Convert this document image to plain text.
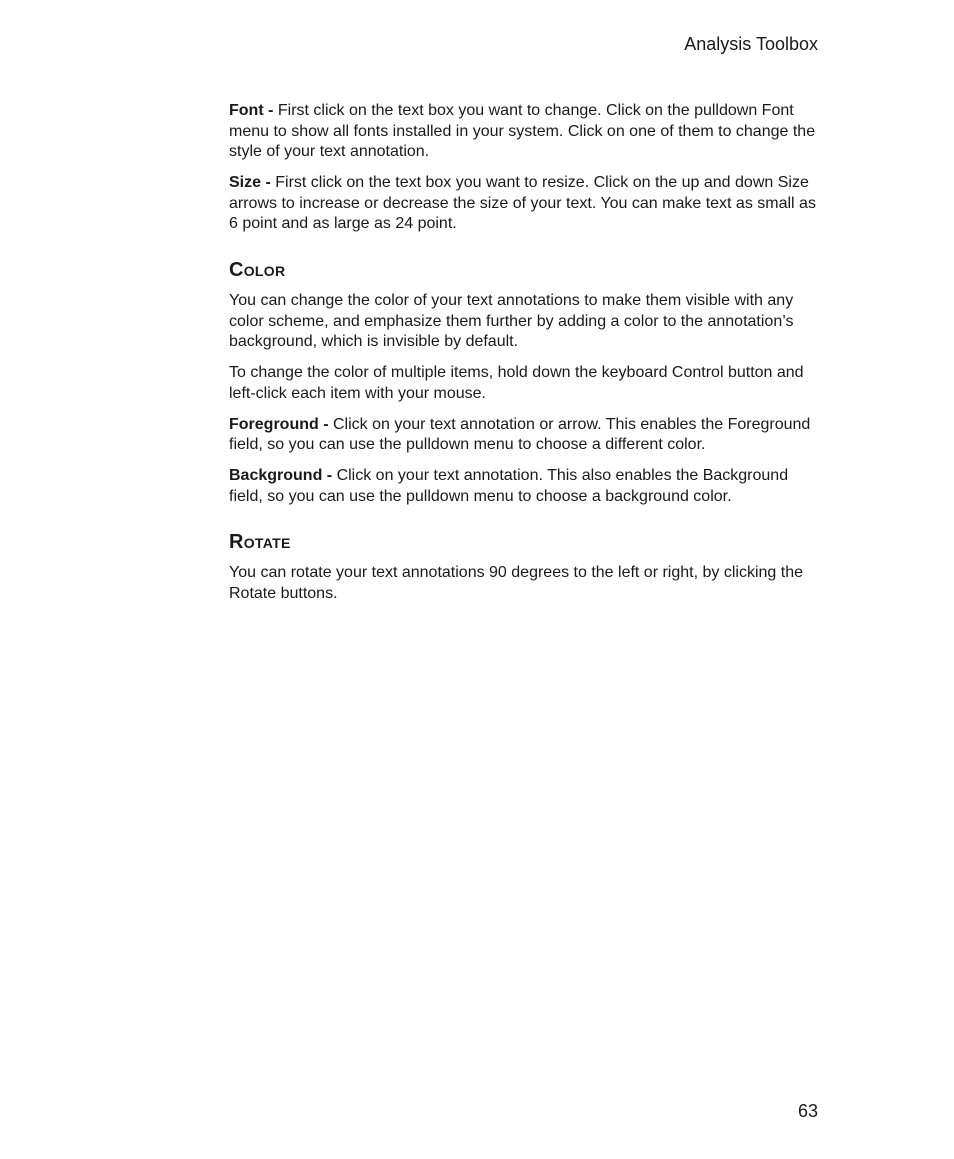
Analysis Toolbox

Font - First click on the text box you want to change. Click on the pulldown Font menu to show all fonts installed in your system. Click on one of them to change the style of your text annotation.

Size - First click on the text box you want to resize. Click on the up and down Size arrows to increase or decrease the size of your text. You can make text as small as 6 point and as large as 24 point.

Color

You can change the color of your text annotations to make them visible with any color scheme, and emphasize them further by adding a color to the annotation’s background, which is invisible by default.

To change the color of multiple items, hold down the keyboard Control button and left-click each item with your mouse.

Foreground - Click on your text annotation or arrow. This enables the Foreground field, so you can use the pulldown menu to choose a different color.

Background - Click on your text annotation. This also enables the Background field, so you can use the pulldown menu to choose a background color.

Rotate

You can rotate your text annotations 90 degrees to the left or right, by clicking the Rotate buttons.

63
